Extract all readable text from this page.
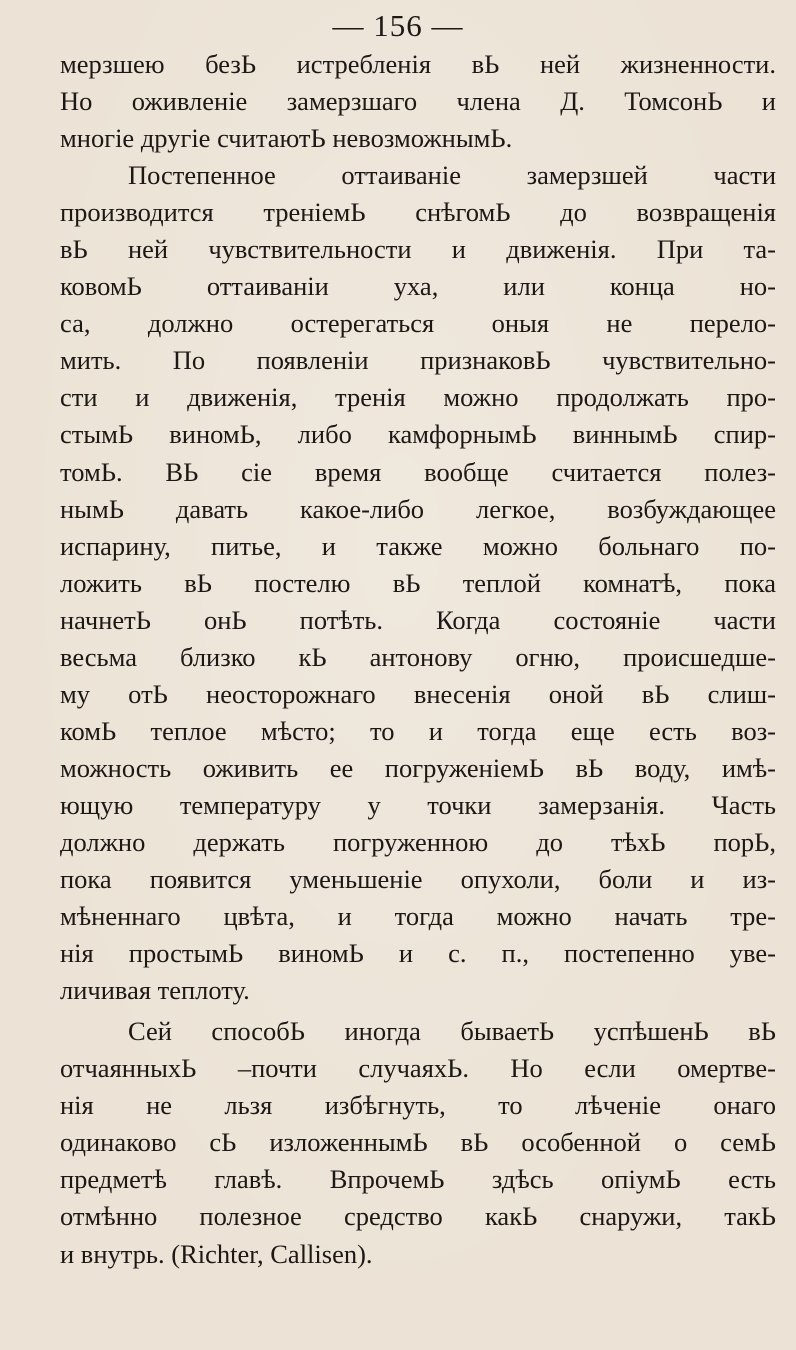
— 156 —
мерзшею безЬ истребленія вЬ ней жизненности.
Но оживленіе замерзшаго члена Д. ТомсонЬ и
многіе другіе считаютЬ невозможнымЬ.
Постепенное оттаиваніе замерзшей части
производится треніемЬ снѣгомЬ до возвращенія
вЬ ней чувствительности и движенія. При та-
ковомЬ оттаиваніи уха, или конца но-
са, должно остерегаться оныя не перело-
мить. По появленіи признаковЬ чувствительно-
сти и движенія, тренія можно продолжать про-
стымЬ виномЬ, либо камфорнымЬ виннымЬ спир-
томЬ. ВЬ сіе время вообще считается полез-
нымЬ давать какое-либо легкое, возбуждающее
испарину, питье, и также можно больнаго по-
ложить вЬ постелю вЬ теплой комнатѣ, пока
начнетЬ онЬ потѣть. Когда состояніе части
весьма близко кЬ антонову огню, происшедше-
му отЬ неосторожнаго внесенія оной вЬ слиш-
комЬ теплое мѣсто; то и тогда еще есть воз-
можность оживить ее погруженіемЬ вЬ воду, имѣ-
ющую температуру у точки замерзанія. Часть
должно держать погруженною до тѣхЬ порЬ,
пока появится уменьшеніе опухоли, боли и из-
мѣненнаго цвѣта, и тогда можно начать тре-
нія простымЬ виномЬ и с. п., постепенно уве-
личивая теплоту.
Сей способЬ иногда бываетЬ успѣшенЬ вЬ
отчаянныхЬ –почти случаяхЬ. Но если омертве-
нія не льзя избѣгнуть, то лѣченіе онаго
одинаково сЬ изложеннымЬ вЬ особенной о семЬ
предметѣ главѣ. ВпрочемЬ здѣсь опіумЬ есть
отмѣнно полезное средство какЬ снаружи, такЬ
и внутрь. (Richter, Callisen).
